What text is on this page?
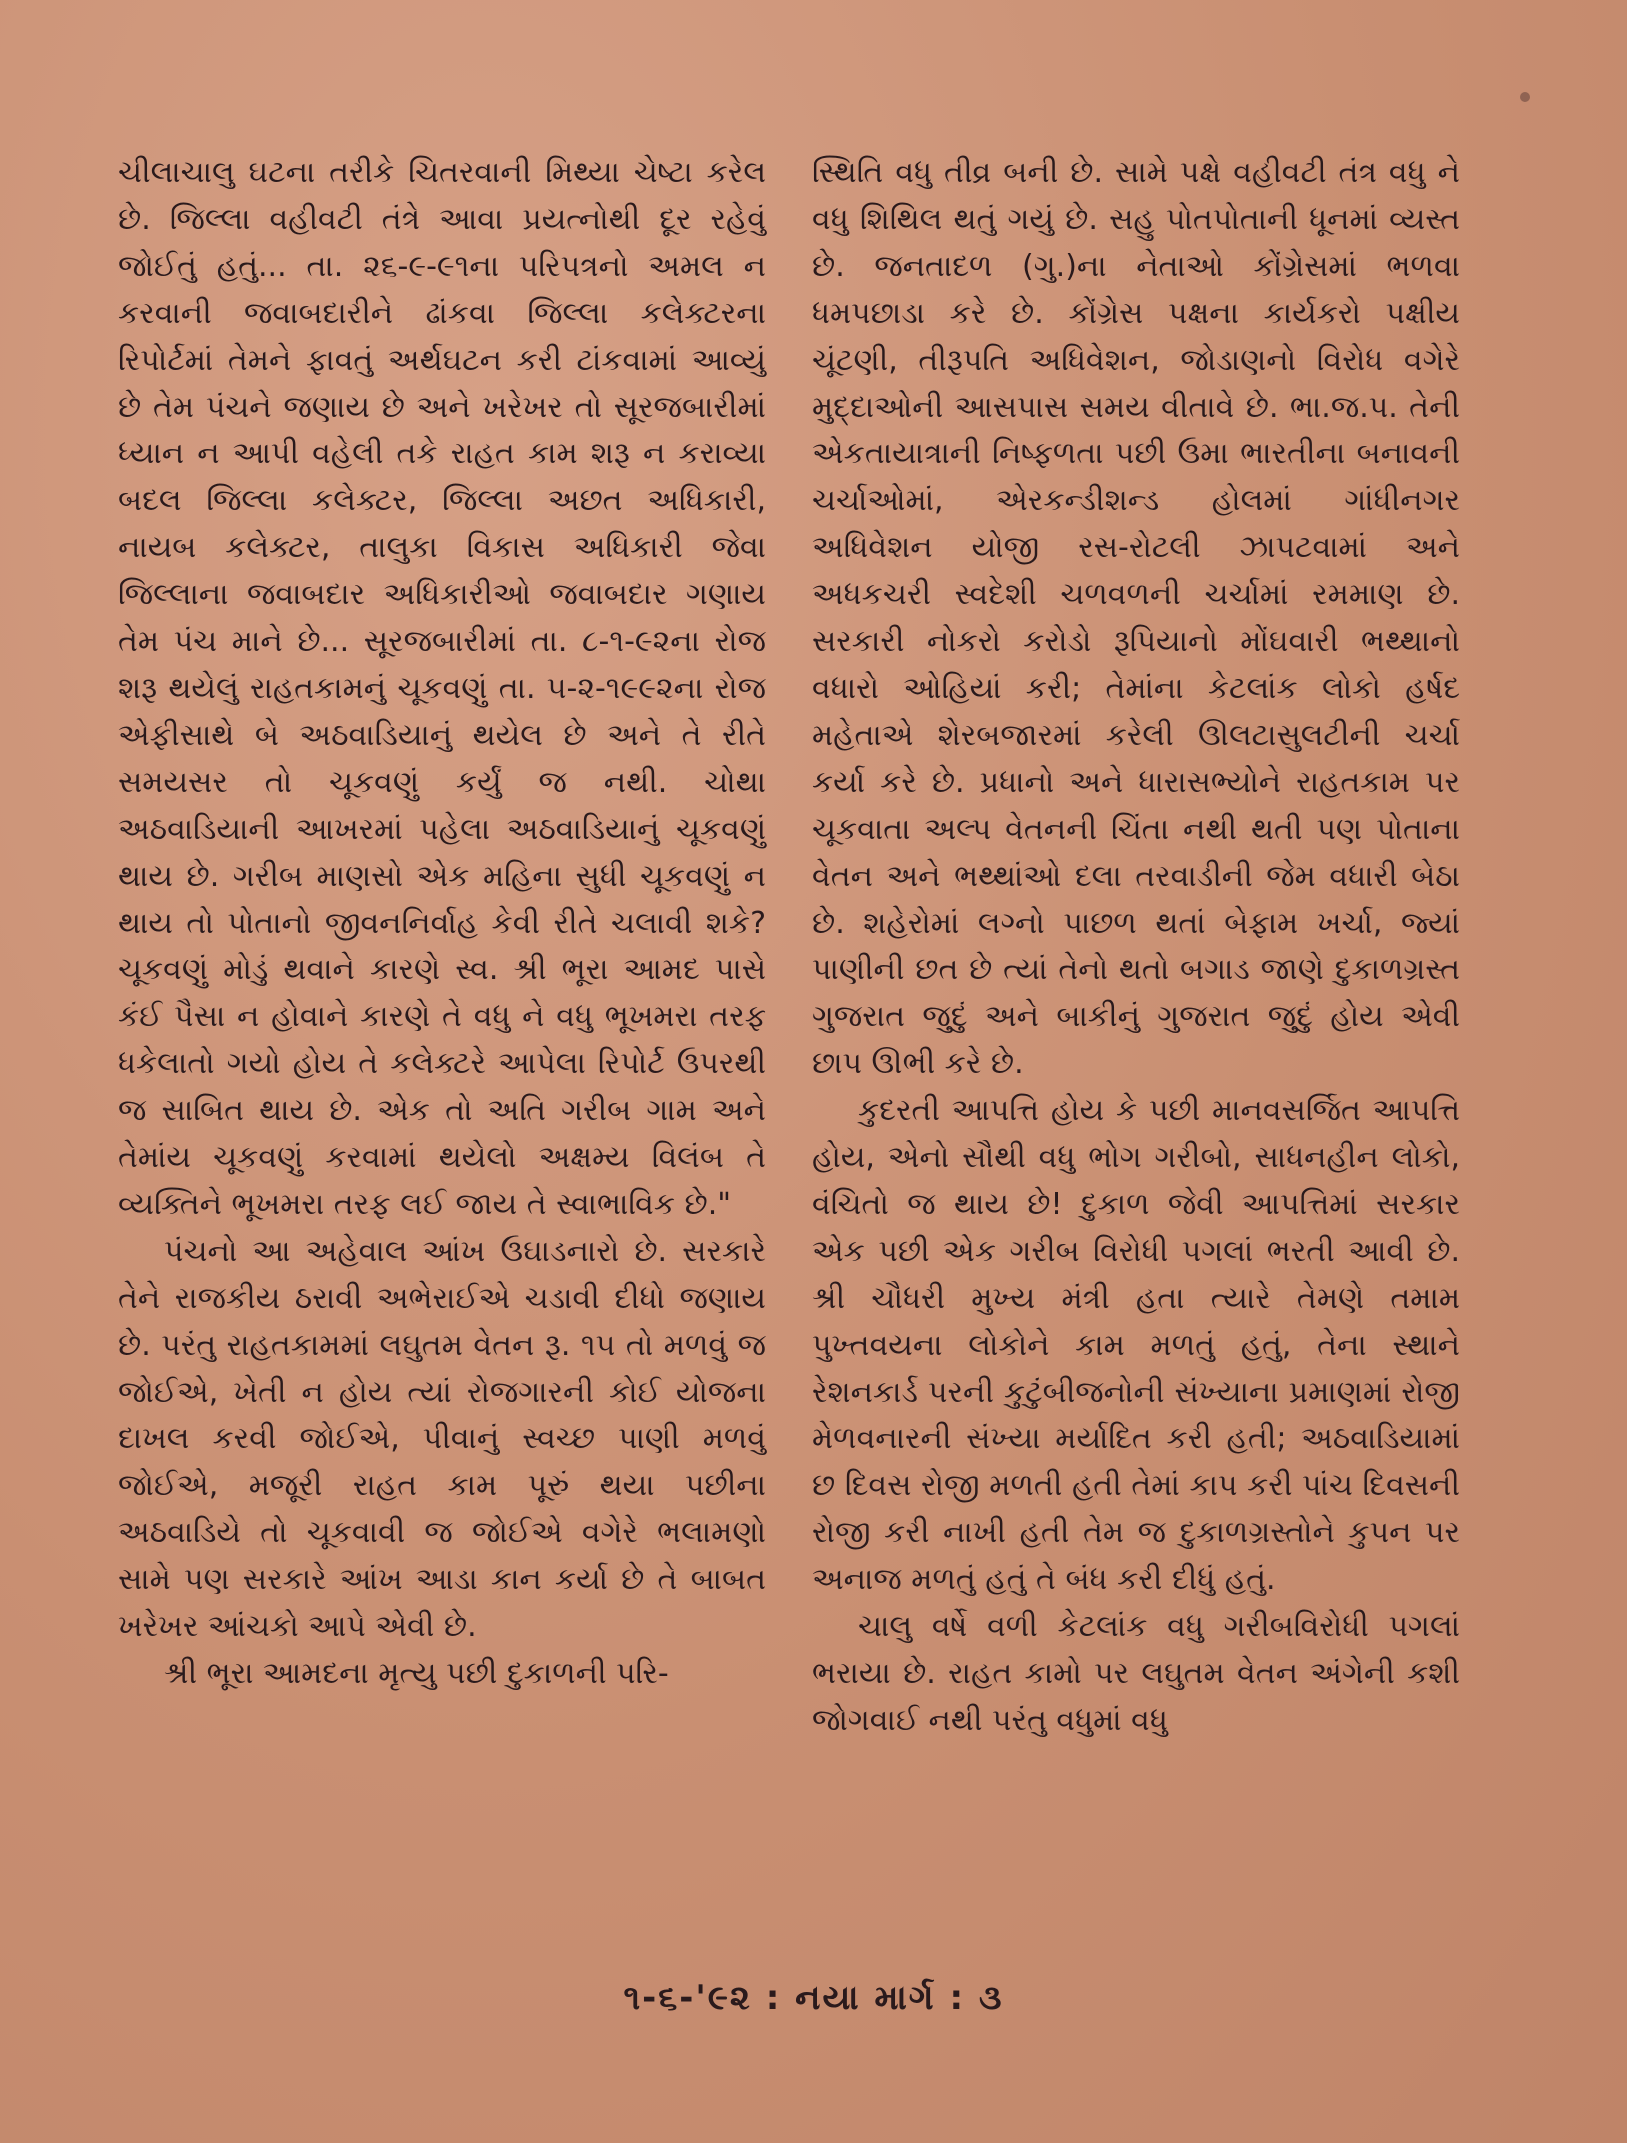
ચીલાચાલુ ઘટના તરીકે ચિતરવાની મિથ્યા ચેષ્ટા કરેલ છે. જિલ્લા વહીવટી તંત્રે આવા પ્રયત્નોથી દૂર રહેવું જોઈતું હતું... તા. ૨૬-૯-૯૧ના પરિપત્રનો અમલ ન કરવાની જવાબદારીને ઢાંકવા જિલ્લા કલેક્ટરના રિપોર્ટમાં તેમને ફાવતું અર્થઘટન કરી ટાંકવામાં આવ્યું છે તેમ પંચને જણાય છે અને ખરેખર તો સૂરજબારીમાં ધ્યાન ન આપી વહેલી તકે રાહત કામ શરૂ ન કરાવ્યા બદલ જિલ્લા કલેક્ટર, જિલ્લા અછત અધિકારી, નાયબ કલેક્ટર, તાલુકા વિકાસ અધિકારી જેવા જિલ્લાના જવાબદાર અધિકારીઓ જવાબદાર ગણાય તેમ પંચ માને છે... સૂરજબારીમાં તા. ૮-૧-૯૨ના રોજ શરૂ થયેલું રાહતકામનું ચૂકવણું તા. ૫-૨-૧૯૯૨ના રોજ એફીસાથે બે અઠવાડિયાનું થયેલ છે અને તે રીતે સમયસર તો ચૂકવણું કર્યું જ નથી. ચોથા અઠવાડિયાની આખરમાં પહેલા અઠવાડિયાનું ચૂકવણું થાય છે. ગરીબ માણસો એક મહિના સુધી ચૂકવણું ન થાય તો પોતાનો જીવનનિર્વાહ કેવી રીતે ચલાવી શકે? ચૂકવણું મોડું થવાને કારણે સ્વ. શ્રી ભૂરા આમદ પાસે કંઈ પૈસા ન હોવાને કારણે તે વધુ ને વધુ ભૂખમરા તરફ ધકેલાતો ગયો હોય તે કલેક્ટરે આપેલા રિપોર્ટ ઉપરથી જ સાબિત થાય છે. એક તો અતિ ગરીબ ગામ અને તેમાંય ચૂકવણું કરવામાં થયેલો અક્ષમ્ય વિલંબ તે વ્યક્તિને ભૂખમરા તરફ લઈ જાય તે સ્વાભાવિક છે."

પંચનો આ અહેવાલ આંખ ઉઘાડનારો છે. સરકારે તેને રાજકીય ઠરાવી અભેરાઈએ ચડાવી દીધો જણાય છે. પરંતુ રાહતકામમાં લઘુતમ વેતન રૂ. ૧૫ તો મળવું જ જોઈએ, ખેતી ન હોય ત્યાં રોજગારની કોઈ યોજના દાખલ કરવી જોઈએ, પીવાનું સ્વચ્છ પાણી મળવું જોઈએ, મજૂરી રાહત કામ પૂરું થયા પછીના અઠવાડિયે તો ચૂકવાવી જ જોઈએ વગેરે ભલામણો સામે પણ સરકારે આંખ આડા કાન કર્યા છે તે બાબત ખરેખર આંચકો આપે એવી છે.

શ્રી ભૂરા આમદના મૃત્યુ પછી દુકાળની પરિ-

સ્થિતિ વધુ તીવ્ર બની છે. સામે પક્ષે વહીવટી તંત્ર વધુ ને વધુ શિથિલ થતું ગયું છે. સહુ પોતપોતાની ધૂનમાં વ્યસ્ત છે. જનતાદળ (ગુ.)ના નેતાઓ કોંગ્રેસમાં ભળવા ધમપછાડા કરે છે. કોંગ્રેસ પક્ષના કાર્યકરો પક્ષીય ચૂંટણી, તીરૂપતિ અધિવેશન, જોડાણનો વિરોધ વગેરે મુદ્દાઓની આસપાસ સમય વીતાવે છે. ભા.જ.પ. તેની એકતાયાત્રાની નિષ્ફળતા પછી ઉમા ભારતીના બનાવની ચર્ચાઓમાં, એરકન્ડીશન્ડ હોલમાં ગાંધીનગર અધિવેશન યોજી રસ-રોટલી ઝાપટવામાં અને અધકચરી સ્વદેશી ચળવળની ચર્ચામાં રમમાણ છે. સરકારી નોકરો કરોડો રૂપિયાનો મોંઘવારી ભથ્થાનો વધારો ઓહિયાં કરી; તેમાંના કેટલાંક લોકો હર્ષદ મહેતાએ શેરબજારમાં કરેલી ઊલટાસુલટીની ચર્ચા કર્યા કરે છે. પ્રધાનો અને ધારાસભ્યોને રાહતકામ પર ચૂકવાતા અલ્પ વેતનની ચિંતા નથી થતી પણ પોતાના વેતન અને ભથ્થાંઓ દલા તરવાડીની જેમ વધારી બેઠા છે. શહેરોમાં લગ્નો પાછળ થતાં બેફામ ખર્ચા, જ્યાં પાણીની છત છે ત્યાં તેનો થતો બગાડ જાણે દુકાળગ્રસ્ત ગુજરાત જુદું અને બાકીનું ગુજરાત જુદું હોય એવી છાપ ઊભી કરે છે.

કુદરતી આપત્તિ હોય કે પછી માનવસર્જિત આપત્તિ હોય, એનો સૌથી વધુ ભોગ ગરીબો, સાધનહીન લોકો, વંચિતો જ થાય છે! દુકાળ જેવી આપત્તિમાં સરકાર એક પછી એક ગરીબ વિરોધી પગલાં ભરતી આવી છે. શ્રી ચૌધરી મુખ્ય મંત્રી હતા ત્યારે તેમણે તમામ પુખ્તવયના લોકોને કામ મળતું હતું, તેના સ્થાને રેશનકાર્ડ પરની કુટુંબીજનોની સંખ્યાના પ્રમાણમાં રોજી મેળવનારની સંખ્યા મર્યાદિત કરી હતી; અઠવાડિયામાં છ દિવસ રોજી મળતી હતી તેમાં કાપ કરી પાંચ દિવસની રોજી કરી નાખી હતી તેમ જ દુકાળગ્રસ્તોને કુપન પર અનાજ મળતું હતું તે બંધ કરી દીધું હતું.

ચાલુ વર્ષે વળી કેટલાંક વધુ ગરીબવિરોધી પગલાં ભરાયા છે. રાહત કામો પર લઘુતમ વેતન અંગેની કશી જોગવાઈ નથી પરંતુ વધુમાં વધુ

૧-૬-'૯૨ : નયા માર્ગ : ૩
